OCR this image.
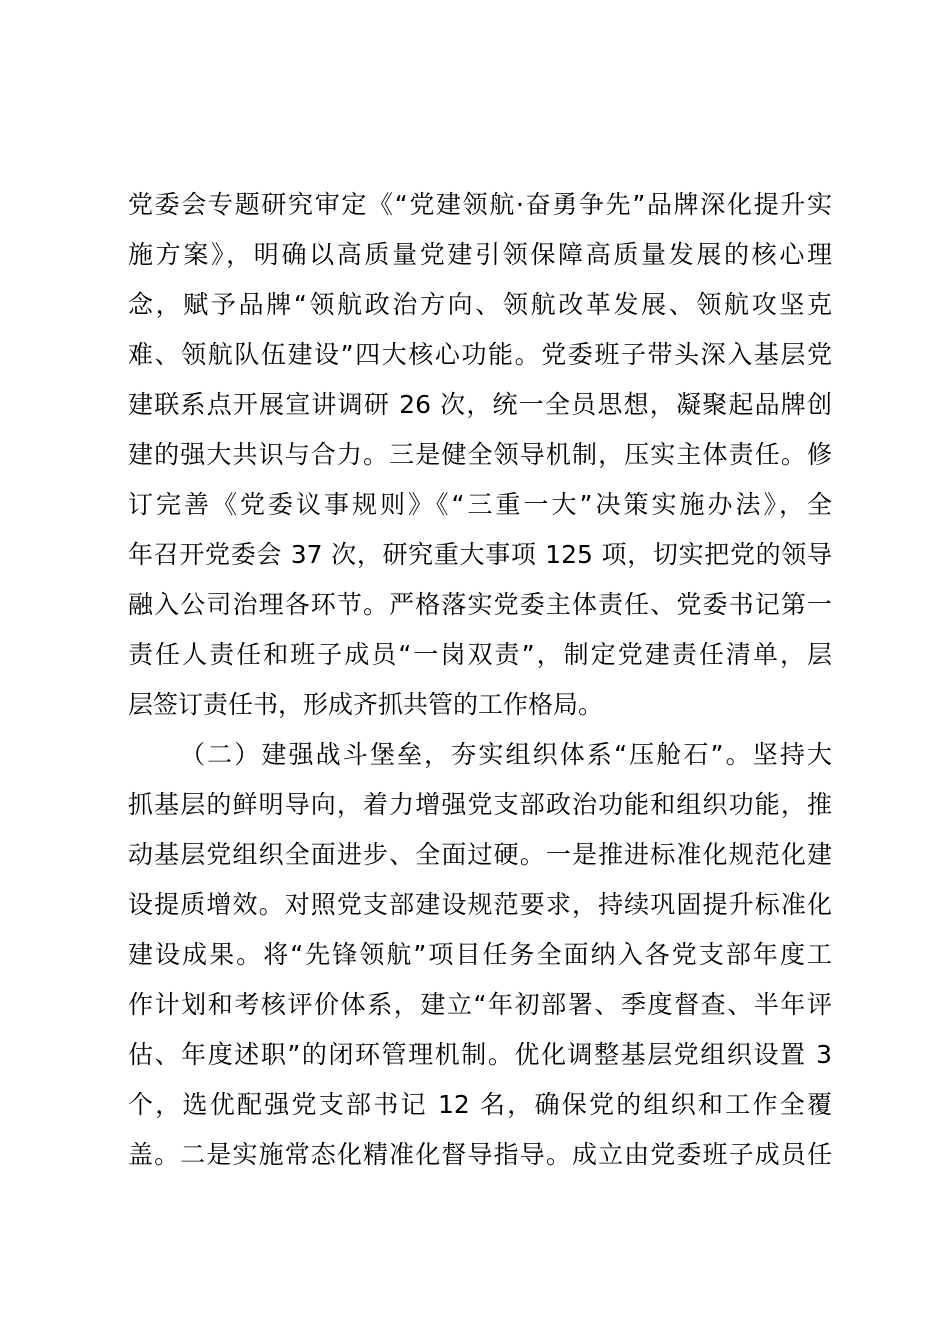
党委会专题研究审定《“党建领航·奋勇争先”品牌深化提升实
施方案》，明确以高质量党建引领保障高质量发展的核心理
念，赋予品牌“领航政治方向、领航改革发展、领航攻坚克
难、领航队伍建设”四大核心功能。党委班子带头深入基层党
建联系点开展宣讲调研 26 次，统一全员思想，凝聚起品牌创
建的强大共识与合力。三是健全领导机制，压实主体责任。修
订完善《党委议事规则》《“三重一大”决策实施办法》，全
年召开党委会 37 次，研究重大事项 125 项，切实把党的领导
融入公司治理各环节。严格落实党委主体责任、党委书记第一
责任人责任和班子成员“一岗双责”，制定党建责任清单，层
层签订责任书，形成齐抓共管的工作格局。
（二）建强战斗堡垒，夯实组织体系“压舱石”。坚持大
抓基层的鲜明导向，着力增强党支部政治功能和组织功能，推
动基层党组织全面进步、全面过硬。一是推进标准化规范化建
设提质增效。对照党支部建设规范要求，持续巩固提升标准化
建设成果。将“先锋领航”项目任务全面纳入各党支部年度工
作计划和考核评价体系，建立“年初部署、季度督查、半年评
估、年度述职”的闭环管理机制。优化调整基层党组织设置 3
个，选优配强党支部书记 12 名，确保党的组织和工作全覆
盖。二是实施常态化精准化督导指导。成立由党委班子成员任
